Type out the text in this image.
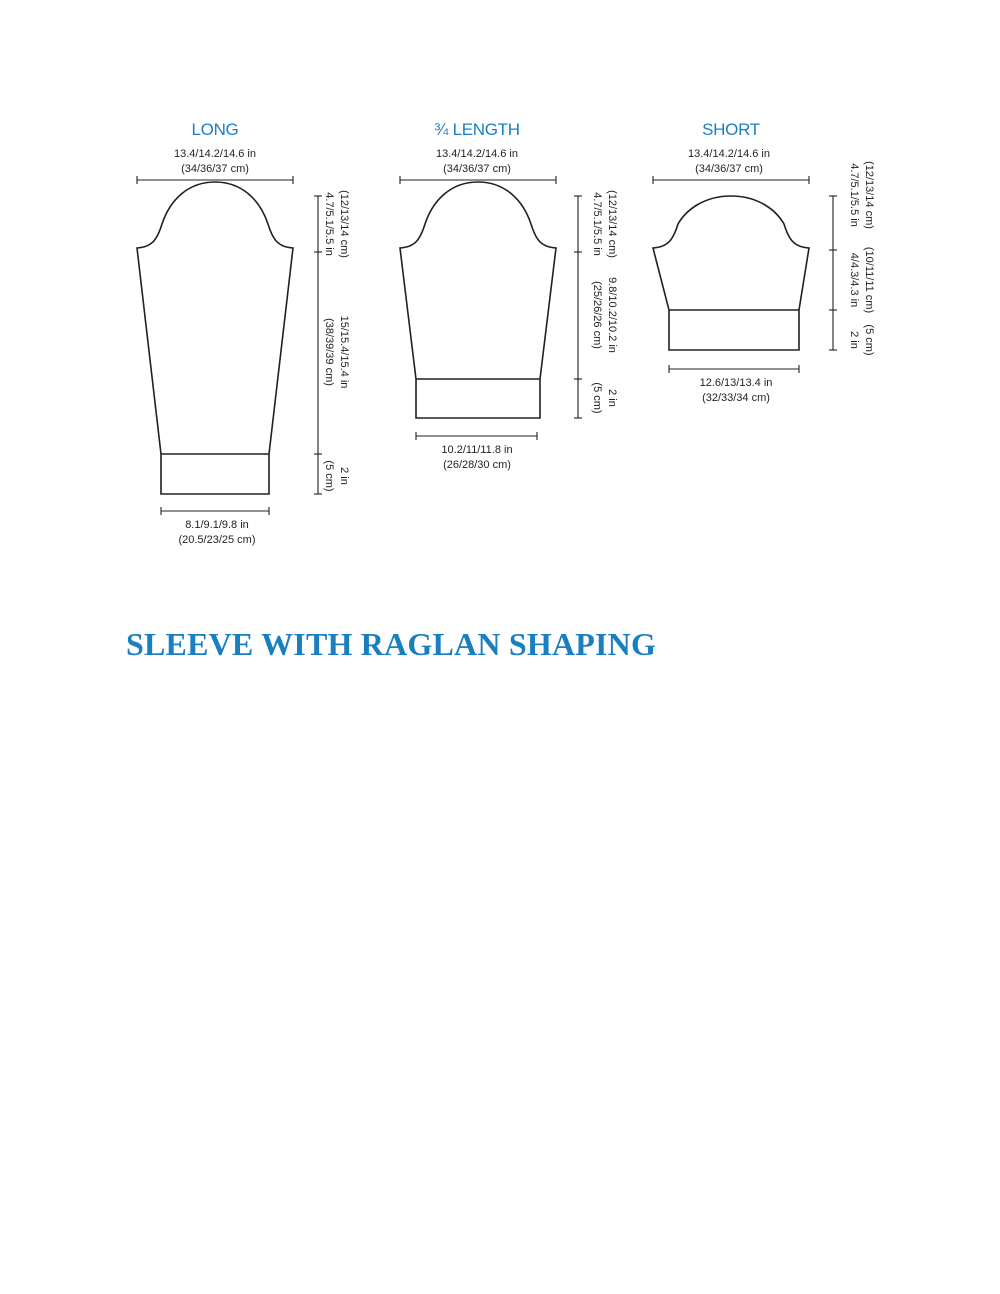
LONG
13.4/14.2/14.6 in
(34/36/37 cm)
4.7/5.1/5.5 in (12/13/14 cm)
15/15.4/15.4 in
(38/39/39 cm)
2 in
(5 cm)
8.1/9.1/9.8 in
(20.5/23/25 cm)
¾ LENGTH
13.4/14.2/14.6 in
(34/36/37 cm)
4.7/5.1/5.5 in (12/13/14 cm)
9.8/10.2/10.2 in
(25/26/26 cm)
2 in
(5 cm)
10.2/11/11.8 in
(26/28/30 cm)
SHORT
13.4/14.2/14.6 in
(34/36/37 cm)	4.7/5.1/5.5 in (12/13/14 cm)
4/4.3/4.3 in (10/11/11 cm)
2 in (5 cm)
12.6/13/13.4 in
(32/33/34 cm)
SLEEVE WITH RAGLAN SHAPING
